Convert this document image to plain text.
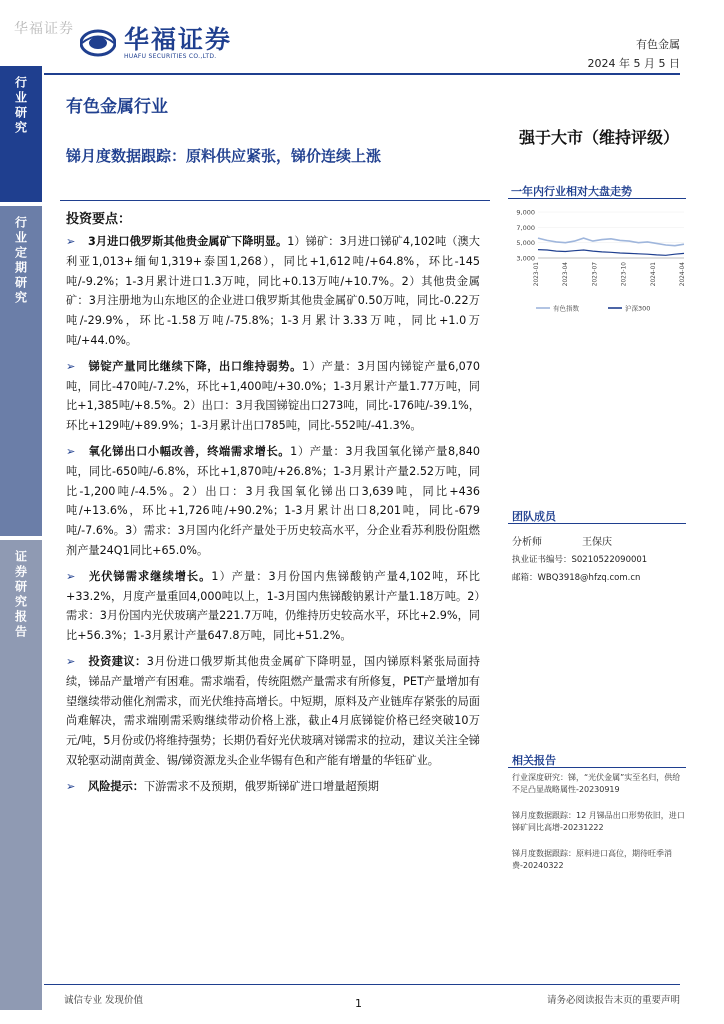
华福证券 华福证券
HUAFU SECURITIES CO.,LTD.
有色金属
2024 年 5 月 5 日
行业研究
行业定期研究
证券研究报告
有色金属行业
强于大市（维持评级）
锑月度数据跟踪：原料供应紧张，锑价连续上涨
投资要点：
➢ 3月进口俄罗斯其他贵金属矿下降明显。1）锑矿：3月进口锑矿4,102吨（澳大利亚1,013+缅甸1,319+泰国1,268），同比+1,612吨/+64.8%，环比-145吨/-9.2%；1-3月累计进口1.3万吨，同比+0.13万吨/+10.7%。2）其他贵金属矿：3月注册地为山东地区的企业进口俄罗斯其他贵金属矿0.50万吨，同比-0.22万吨/-29.9%，环比-1.58万吨/-75.8%；1-3月累计3.33万吨，同比+1.0万吨/+44.0%。
➢ 锑锭产量同比继续下降，出口维持弱势。1）产量：3月国内锑锭产量6,070吨，同比-470吨/-7.2%，环比+1,400吨/+30.0%；1-3月累计产量1.77万吨，同比+1,385吨/+8.5%。2）出口：3月我国锑锭出口273吨，同比-176吨/-39.1%，环比+129吨/+89.9%；1-3月累计出口785吨，同比-552吨/-41.3%。
➢ 氧化锑出口小幅改善，终端需求增长。1）产量：3月我国氧化锑产量8,840吨，同比-650吨/-6.8%，环比+1,870吨/+26.8%；1-3月累计产量2.52万吨，同比-1,200吨/-4.5%。2）出口：3月我国氧化锑出口3,639吨，同比+436吨/+13.6%，环比+1,726吨/+90.2%；1-3月累计出口8,201吨，同比-679吨/-7.6%。3）需求：3月国内化纤产量处于历史较高水平，分企业看苏利股份阻燃剂产量24Q1同比+65.0%。
➢ 光伏锑需求继续增长。1）产量：3月份国内焦锑酸钠产量4,102吨，环比+33.2%，月度产量重回4,000吨以上，1-3月国内焦锑酸钠累计产量1.18万吨。2）需求：3月份国内光伏玻璃产量221.7万吨，仍维持历史较高水平，环比+2.9%，同比+56.3%；1-3月累计产量647.8万吨，同比+51.2%。
➢ 投资建议：3月份进口俄罗斯其他贵金属矿下降明显，国内锑原料紧张局面持续，锑品产量增产有困难。需求端看，传统阻燃产量需求有所修复，PET产量增加有望继续带动催化剂需求，而光伏维持高增长。中短期，原料及产业链库存紧张的局面尚难解决，需求端刚需采购继续带动价格上涨，截止4月底锑锭价格已经突破10万元/吨，5月份或仍将维持强势；长期仍看好光伏玻璃对锑需求的拉动，建议关注全锑双轮驱动湖南黄金、锡/锑资源龙头企业华锡有色和产能有增量的华钰矿业。
➢ 风险提示：下游需求不及预期，俄罗斯锑矿进口增量超预期
一年内行业相对大盘走势
9,000
7,000
5,000
3,000
2023-01	2023-04	2023-07	2023-10	2024-01	2024-04
有色指数	沪深300
团队成员
分析师	王保庆
执业证书编号：S0210522090001
邮箱：WBQ3918@hfzq.com.cn
相关报告
行业深度研究：锑，“光伏金属”实至名归，供给不足凸显战略属性-20230919
锑月度数据跟踪：12 月锑品出口形势依旧，进口锑矿同比高增-20231222
锑月度数据跟踪：原料进口高位，期待旺季消费-20240322
诚信专业 发现价值	1	请务必阅读报告末页的重要声明
